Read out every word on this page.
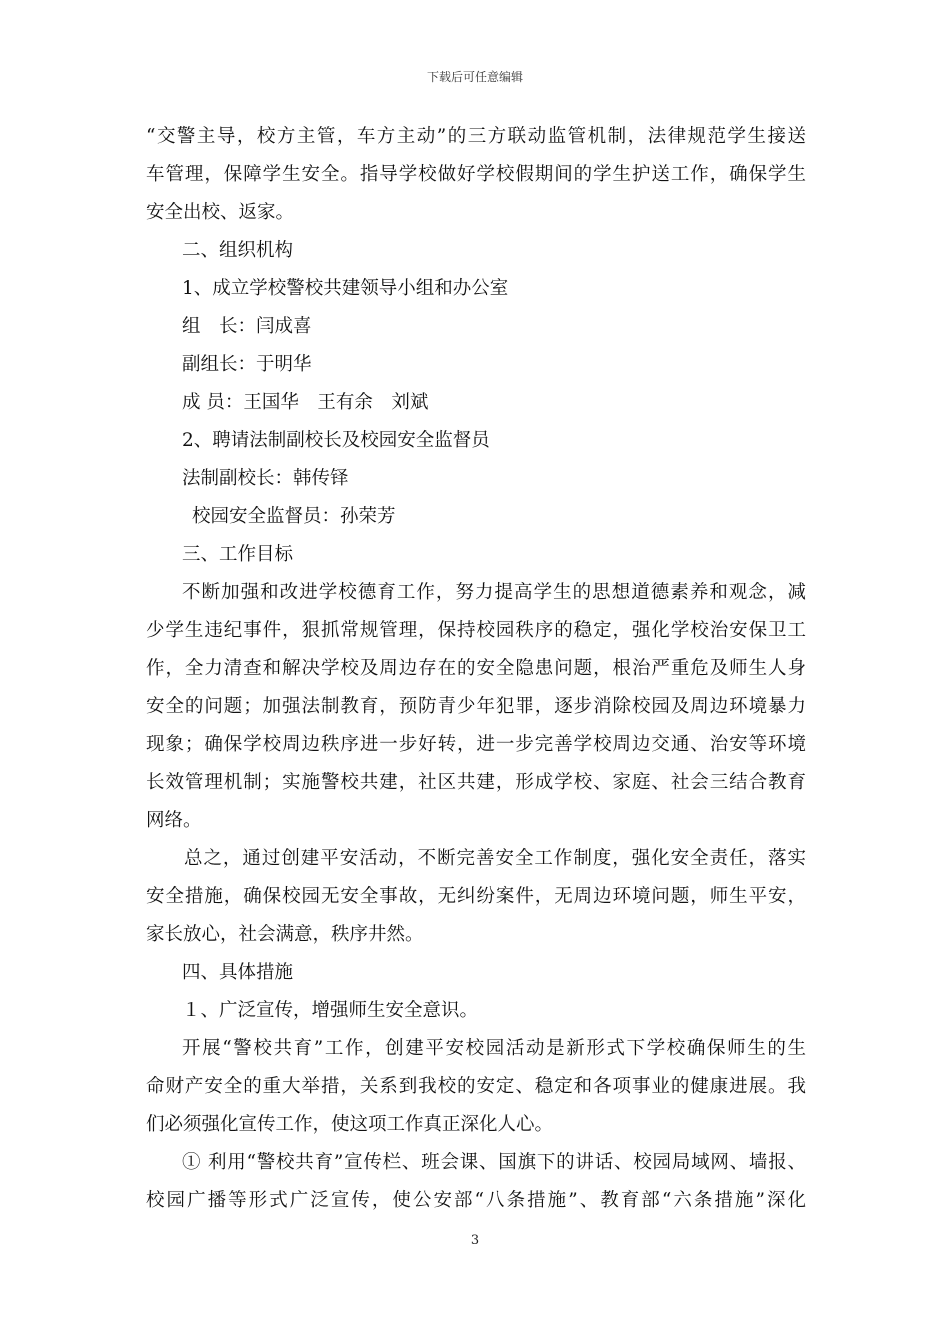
下载后可任意编辑
“交警主导，校方主管，车方主动”的三方联动监管机制，法律规范学生接送
车管理，保障学生安全。指导学校做好学校假期间的学生护送工作，确保学生
安全出校、返家。
二、组织机构
1、成立学校警校共建领导小组和办公室
组　长：闫成喜
副组长：于明华
成 员：王国华　王有余　刘斌
2、聘请法制副校长及校园安全监督员
法制副校长：韩传铎
校园安全监督员：孙荣芳
三、工作目标
不断加强和改进学校德育工作，努力提高学生的思想道德素养和观念，减
少学生违纪事件，狠抓常规管理，保持校园秩序的稳定，强化学校治安保卫工
作，全力清查和解决学校及周边存在的安全隐患问题，根治严重危及师生人身
安全的问题；加强法制教育，预防青少年犯罪，逐步消除校园及周边环境暴力
现象；确保学校周边秩序进一步好转，进一步完善学校周边交通、治安等环境
长效管理机制；实施警校共建，社区共建，形成学校、家庭、社会三结合教育
网络。
总之，通过创建平安活动，不断完善安全工作制度，强化安全责任，落实
安全措施，确保校园无安全事故，无纠纷案件，无周边环境问题，师生平安，
家长放心，社会满意，秩序井然。
四、具体措施
１、广泛宣传，增强师生安全意识。
开展“警校共育”工作，创建平安校园活动是新形式下学校确保师生的生
命财产安全的重大举措，关系到我校的安定、稳定和各项事业的健康进展。我
们必须强化宣传工作，使这项工作真正深化人心。
① 利用“警校共育”宣传栏、班会课、国旗下的讲话、校园局域网、墙报、
校园广播等形式广泛宣传，使公安部“八条措施”、教育部“六条措施”深化
3
